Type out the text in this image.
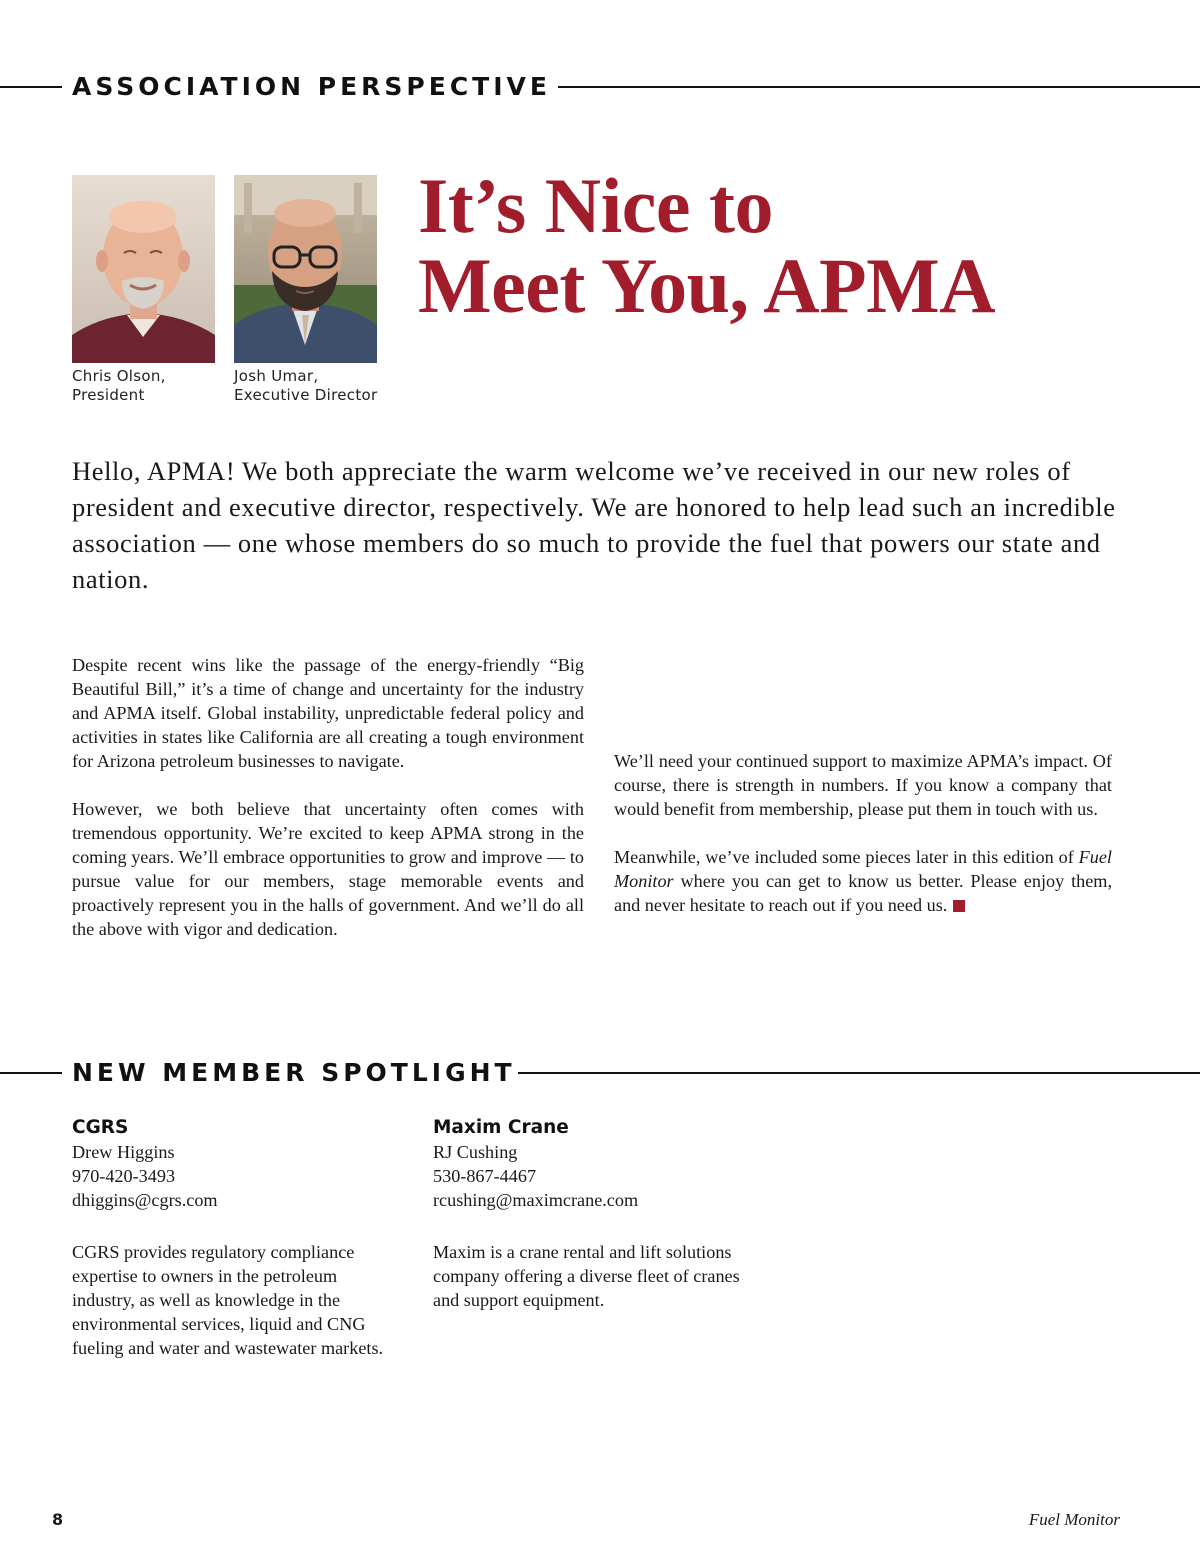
ASSOCIATION PERSPECTIVE

Chris Olson,
President

Josh Umar,
Executive Director

It’s Nice to
Meet You, APMA

Hello, APMA! We both appreciate the warm welcome we’ve received in our new roles of president and executive director, respectively. We are honored to help lead such an incredible association — one whose members do so much to provide the fuel that powers our state and nation.

Despite recent wins like the passage of the energy-friendly “Big Beautiful Bill,” it’s a time of change and uncertainty for the industry and APMA itself. Global instability, unpredictable federal policy and activities in states like California are all creating a tough environment for Arizona petroleum businesses to navigate.

However, we both believe that uncertainty often comes with tremendous opportunity. We’re excited to keep APMA strong in the coming years. We’ll embrace opportunities to grow and improve — to pursue value for our members, stage memorable events and proactively represent you in the halls of government. And we’ll do all the above with vigor and dedication.

We’ll need your continued support to maximize APMA’s impact. Of course, there is strength in numbers. If you know a company that would benefit from membership, please put them in touch with us.

Meanwhile, we’ve included some pieces later in this edition of Fuel Monitor where you can get to know us better. Please enjoy them, and never hesitate to reach out if you need us.

NEW MEMBER SPOTLIGHT

CGRS

Drew Higgins

970-420-3493

dhiggins@cgrs.com

CGRS provides regulatory compliance expertise to owners in the petroleum industry, as well as knowledge in the environmental services, liquid and CNG fueling and water and wastewater markets.

Maxim Crane

RJ Cushing

530-867-4467

rcushing@maximcrane.com

Maxim is a crane rental and lift solutions company offering a diverse fleet of cranes and support equipment.

8	Fuel Monitor
